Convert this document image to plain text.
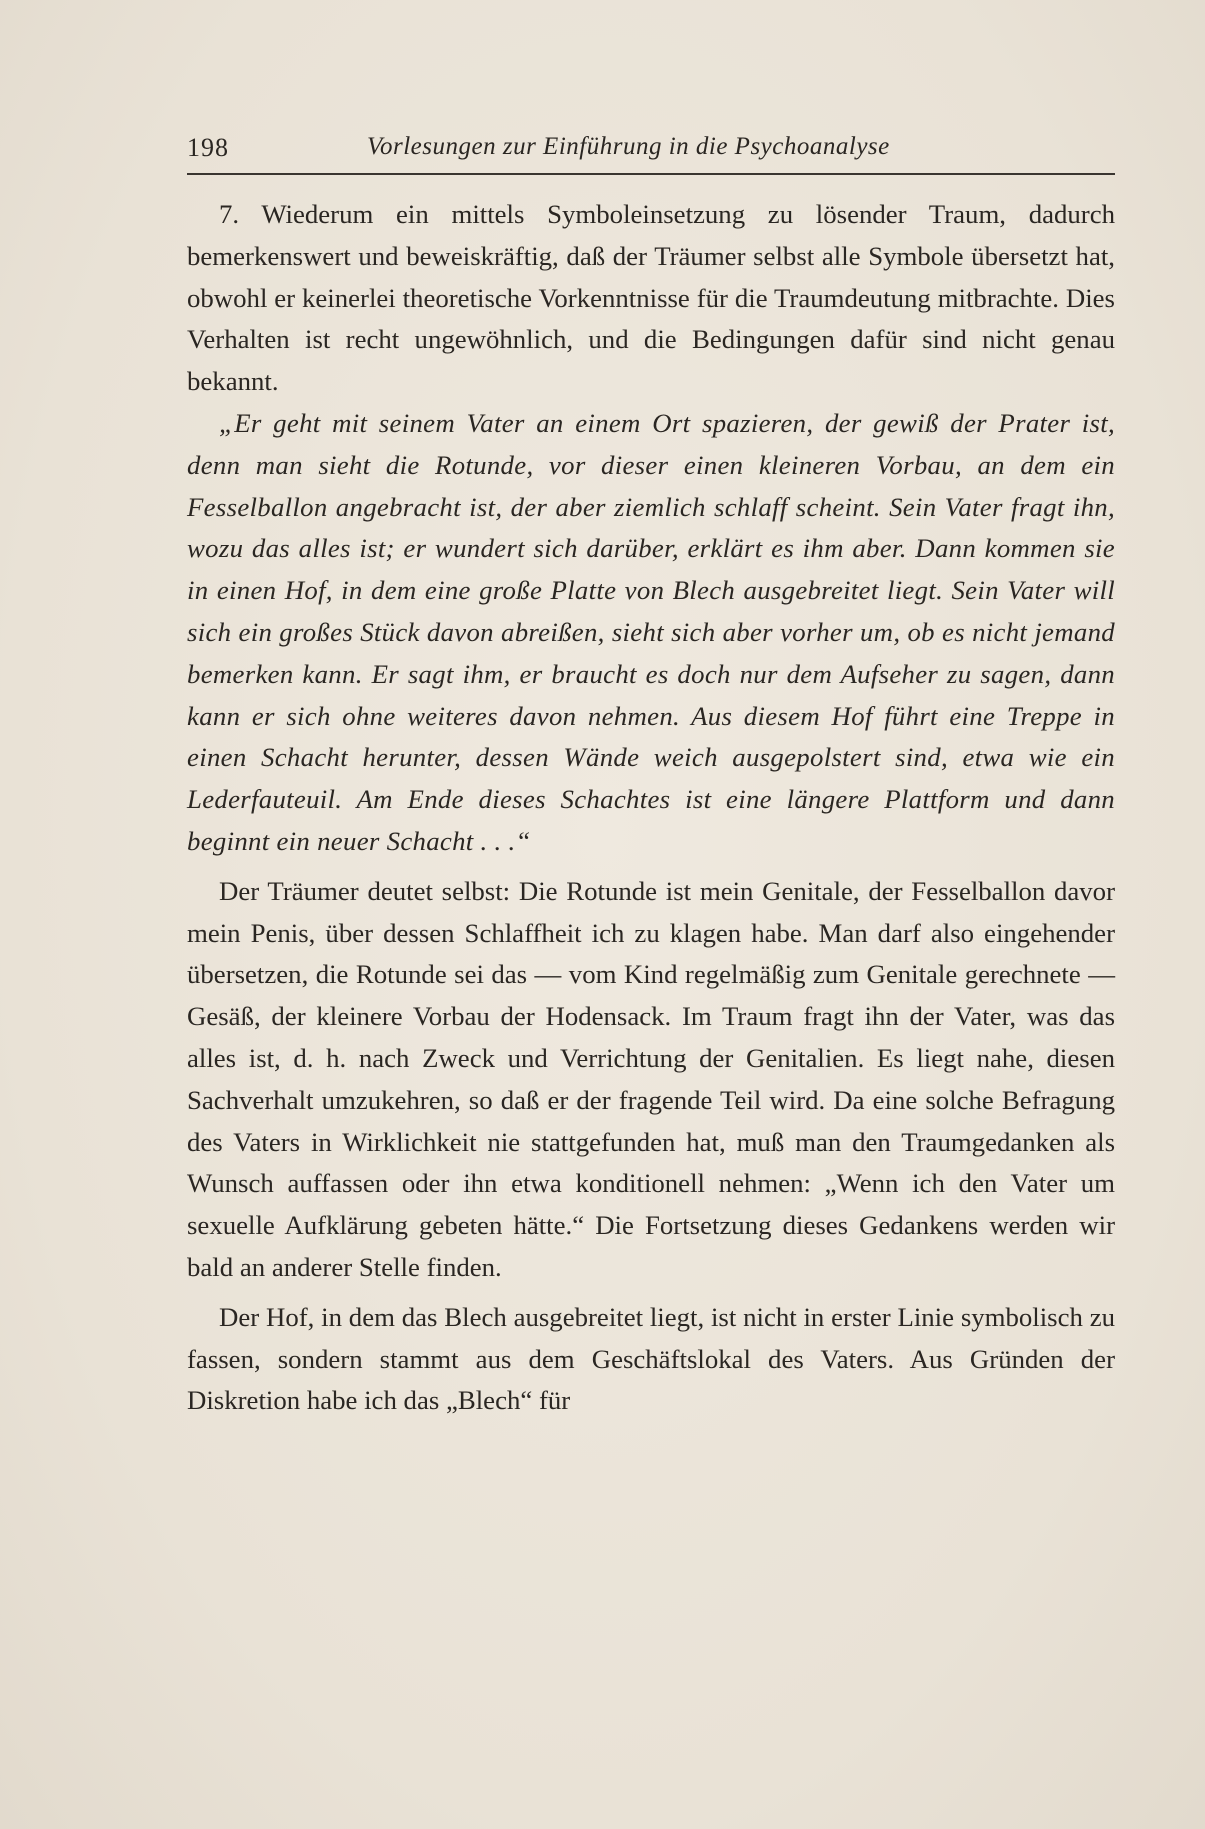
198	Vorlesungen zur Einführung in die Psychoanalyse

7. Wiederum ein mittels Symboleinsetzung zu lösender Traum, dadurch bemerkenswert und beweiskräftig, daß der Träumer selbst alle Symbole übersetzt hat, obwohl er keinerlei theoretische Vorkenntnisse für die Traumdeutung mitbrachte. Dies Verhalten ist recht ungewöhnlich, und die Bedingungen dafür sind nicht genau bekannt.

„Er geht mit seinem Vater an einem Ort spazieren, der gewiß der Prater ist, denn man sieht die Rotunde, vor dieser einen kleineren Vorbau, an dem ein Fesselballon angebracht ist, der aber ziemlich schlaff scheint. Sein Vater fragt ihn, wozu das alles ist; er wundert sich darüber, erklärt es ihm aber. Dann kommen sie in einen Hof, in dem eine große Platte von Blech ausgebreitet liegt. Sein Vater will sich ein großes Stück davon abreißen, sieht sich aber vorher um, ob es nicht jemand bemerken kann. Er sagt ihm, er braucht es doch nur dem Aufseher zu sagen, dann kann er sich ohne weiteres davon nehmen. Aus diesem Hof führt eine Treppe in einen Schacht herunter, dessen Wände weich ausgepolstert sind, etwa wie ein Lederfauteuil. Am Ende dieses Schachtes ist eine längere Plattform und dann beginnt ein neuer Schacht . . .“

Der Träumer deutet selbst: Die Rotunde ist mein Genitale, der Fesselballon davor mein Penis, über dessen Schlaffheit ich zu klagen habe. Man darf also eingehender übersetzen, die Rotunde sei das — vom Kind regelmäßig zum Genitale gerechnete — Gesäß, der kleinere Vorbau der Hodensack. Im Traum fragt ihn der Vater, was das alles ist, d. h. nach Zweck und Verrichtung der Genitalien. Es liegt nahe, diesen Sachverhalt umzukehren, so daß er der fragende Teil wird. Da eine solche Befragung des Vaters in Wirklichkeit nie stattgefunden hat, muß man den Traumgedanken als Wunsch auffassen oder ihn etwa konditionell nehmen: „Wenn ich den Vater um sexuelle Aufklärung gebeten hätte.“ Die Fortsetzung dieses Gedankens werden wir bald an anderer Stelle finden.

Der Hof, in dem das Blech ausgebreitet liegt, ist nicht in erster Linie symbolisch zu fassen, sondern stammt aus dem Geschäftslokal des Vaters. Aus Gründen der Diskretion habe ich das „Blech“ für
